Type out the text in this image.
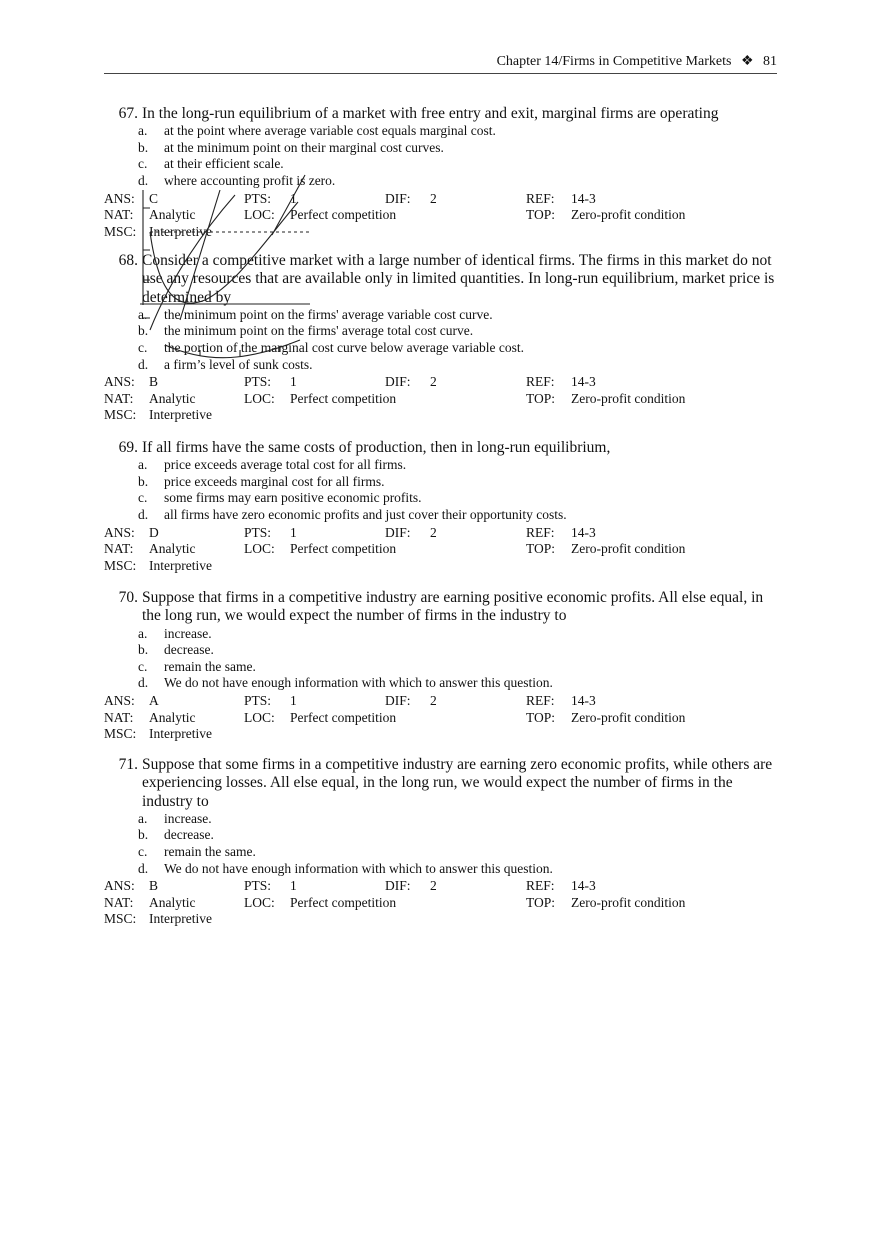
Chapter 14/Firms in Competitive Markets ❖ 81
67. In the long-run equilibrium of a market with free entry and exit, marginal firms are operating
a.	at the point where average variable cost equals marginal cost.
b.	at the minimum point on their marginal cost curves.
c.	at their efficient scale.
d.	where accounting profit is zero.
ANS: C	PTS: 1	DIF: 2	REF: 14-3
NAT: Analytic	LOC: Perfect competition	TOP: Zero-profit condition
MSC: Interpretive
68. Consider a competitive market with a large number of identical firms. The firms in this market do not use any resources that are available only in limited quantities. In long-run equilibrium, market price is determined by
a.	the minimum point on the firms' average variable cost curve.
b.	the minimum point on the firms' average total cost curve.
c.	the portion of the marginal cost curve below average variable cost.
d.	a firm’s level of sunk costs.
ANS: B	PTS: 1	DIF: 2	REF: 14-3
NAT: Analytic	LOC: Perfect competition	TOP: Zero-profit condition
MSC: Interpretive
69. If all firms have the same costs of production, then in long-run equilibrium,
a.	price exceeds average total cost for all firms.
b.	price exceeds marginal cost for all firms.
c.	some firms may earn positive economic profits.
d.	all firms have zero economic profits and just cover their opportunity costs.
ANS: D	PTS: 1	DIF: 2	REF: 14-3
NAT: Analytic	LOC: Perfect competition	TOP: Zero-profit condition
MSC: Interpretive
70. Suppose that firms in a competitive industry are earning positive economic profits. All else equal, in the long run, we would expect the number of firms in the industry to
a.	increase.
b.	decrease.
c.	remain the same.
d.	We do not have enough information with which to answer this question.
ANS: A	PTS: 1	DIF: 2	REF: 14-3
NAT: Analytic	LOC: Perfect competition	TOP: Zero-profit condition
MSC: Interpretive
71. Suppose that some firms in a competitive industry are earning zero economic profits, while others are experiencing losses. All else equal, in the long run, we would expect the number of firms in the industry to
a.	increase.
b.	decrease.
c.	remain the same.
d.	We do not have enough information with which to answer this question.
ANS: B	PTS: 1	DIF: 2	REF: 14-3
NAT: Analytic	LOC: Perfect competition	TOP: Zero-profit condition
MSC: Interpretive
